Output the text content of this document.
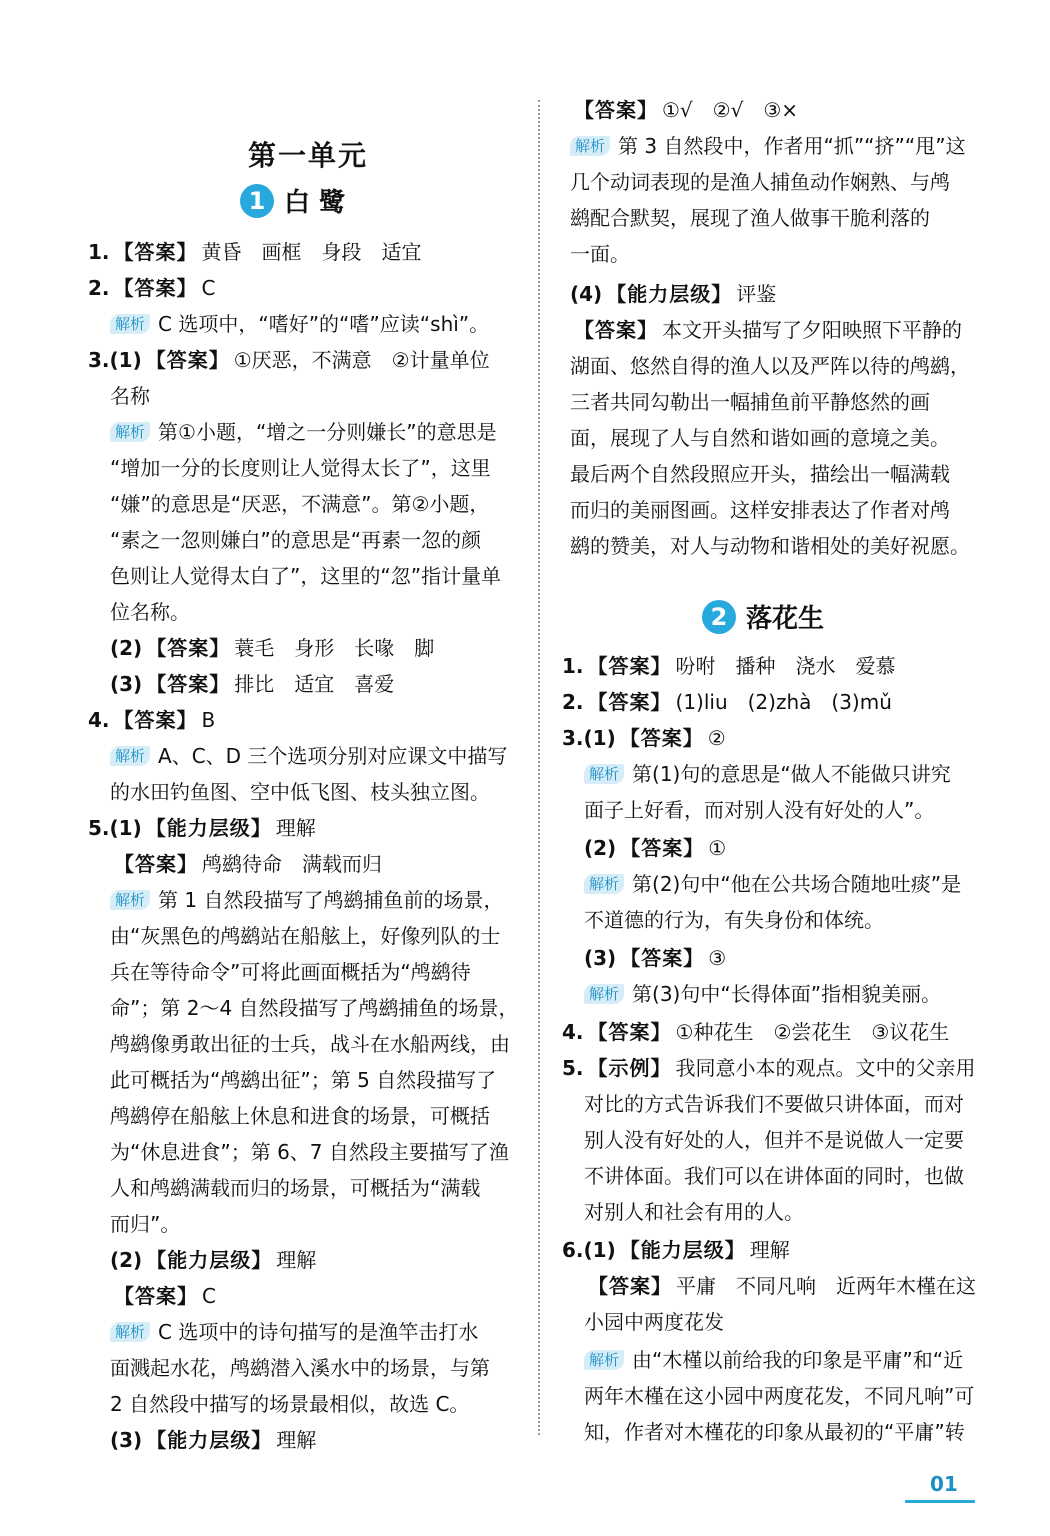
第一单元
1 白 鹭
1. 【答案】 黄昏　画框　身段　适宜
2. 【答案】 C
解析 C 选项中，“嗜好”的“嗜”应读“shì”。
3.(1) 【答案】 ①厌恶，不满意　②计量单位
名称
解析 第①小题，“增之一分则嫌长”的意思是
“增加一分的长度则让人觉得太长了”，这里
“嫌”的意思是“厌恶，不满意”。第②小题，
“素之一忽则嫌白”的意思是“再素一忽的颜
色则让人觉得太白了”，这里的“忽”指计量单
位名称。
(2) 【答案】 蓑毛　身形　长喙　脚
(3) 【答案】 排比　适宜　喜爱
4. 【答案】 B
解析 A、C、D 三个选项分别对应课文中描写
的水田钓鱼图、空中低飞图、枝头独立图。
5.(1) 【能力层级】 理解
【答案】 鸬鹚待命　满载而归
解析 第 1 自然段描写了鸬鹚捕鱼前的场景，
由“灰黑色的鸬鹚站在船舷上，好像列队的士
兵在等待命令”可将此画面概括为“鸬鹚待
命”；第 2～4 自然段描写了鸬鹚捕鱼的场景，
鸬鹚像勇敢出征的士兵，战斗在水船两线，由
此可概括为“鸬鹚出征”；第 5 自然段描写了
鸬鹚停在船舷上休息和进食的场景，可概括
为“休息进食”；第 6、7 自然段主要描写了渔
人和鸬鹚满载而归的场景，可概括为“满载
而归”。
(2) 【能力层级】 理解
【答案】 C
解析 C 选项中的诗句描写的是渔竿击打水
面溅起水花，鸬鹚潜入溪水中的场景，与第
2 自然段中描写的场景最相似，故选 C。
(3) 【能力层级】 理解
2 落花生
【答案】 ①√　②√　③×
解析 第 3 自然段中，作者用“抓”“挤”“甩”这
几个动词表现的是渔人捕鱼动作娴熟、与鸬
鹚配合默契，展现了渔人做事干脆利落的
一面。
(4) 【能力层级】 评鉴
【答案】 本文开头描写了夕阳映照下平静的
湖面、悠然自得的渔人以及严阵以待的鸬鹚，
三者共同勾勒出一幅捕鱼前平静悠然的画
面，展现了人与自然和谐如画的意境之美。
最后两个自然段照应开头，描绘出一幅满载
而归的美丽图画。这样安排表达了作者对鸬
鹚的赞美，对人与动物和谐相处的美好祝愿。
1. 【答案】 吩咐　播种　浇水　爱慕
2. 【答案】 (1)liu　(2)zhà　(3)mǔ
3.(1) 【答案】 ②
解析 第(1)句的意思是“做人不能做只讲究
面子上好看，而对别人没有好处的人”。
(2) 【答案】 ①
解析 第(2)句中“他在公共场合随地吐痰”是
不道德的行为，有失身份和体统。
(3) 【答案】 ③
解析 第(3)句中“长得体面”指相貌美丽。
4. 【答案】 ①种花生　②尝花生　③议花生
5. 【示例】 我同意小本的观点。文中的父亲用
对比的方式告诉我们不要做只讲体面，而对
别人没有好处的人，但并不是说做人一定要
不讲体面。我们可以在讲体面的同时，也做
对别人和社会有用的人。
6.(1) 【能力层级】 理解
【答案】 平庸　不同凡响　近两年木槿在这
小园中两度花发
解析 由“木槿以前给我的印象是平庸”和“近
两年木槿在这小园中两度花发，不同凡响”可
知，作者对木槿花的印象从最初的“平庸”转
01
